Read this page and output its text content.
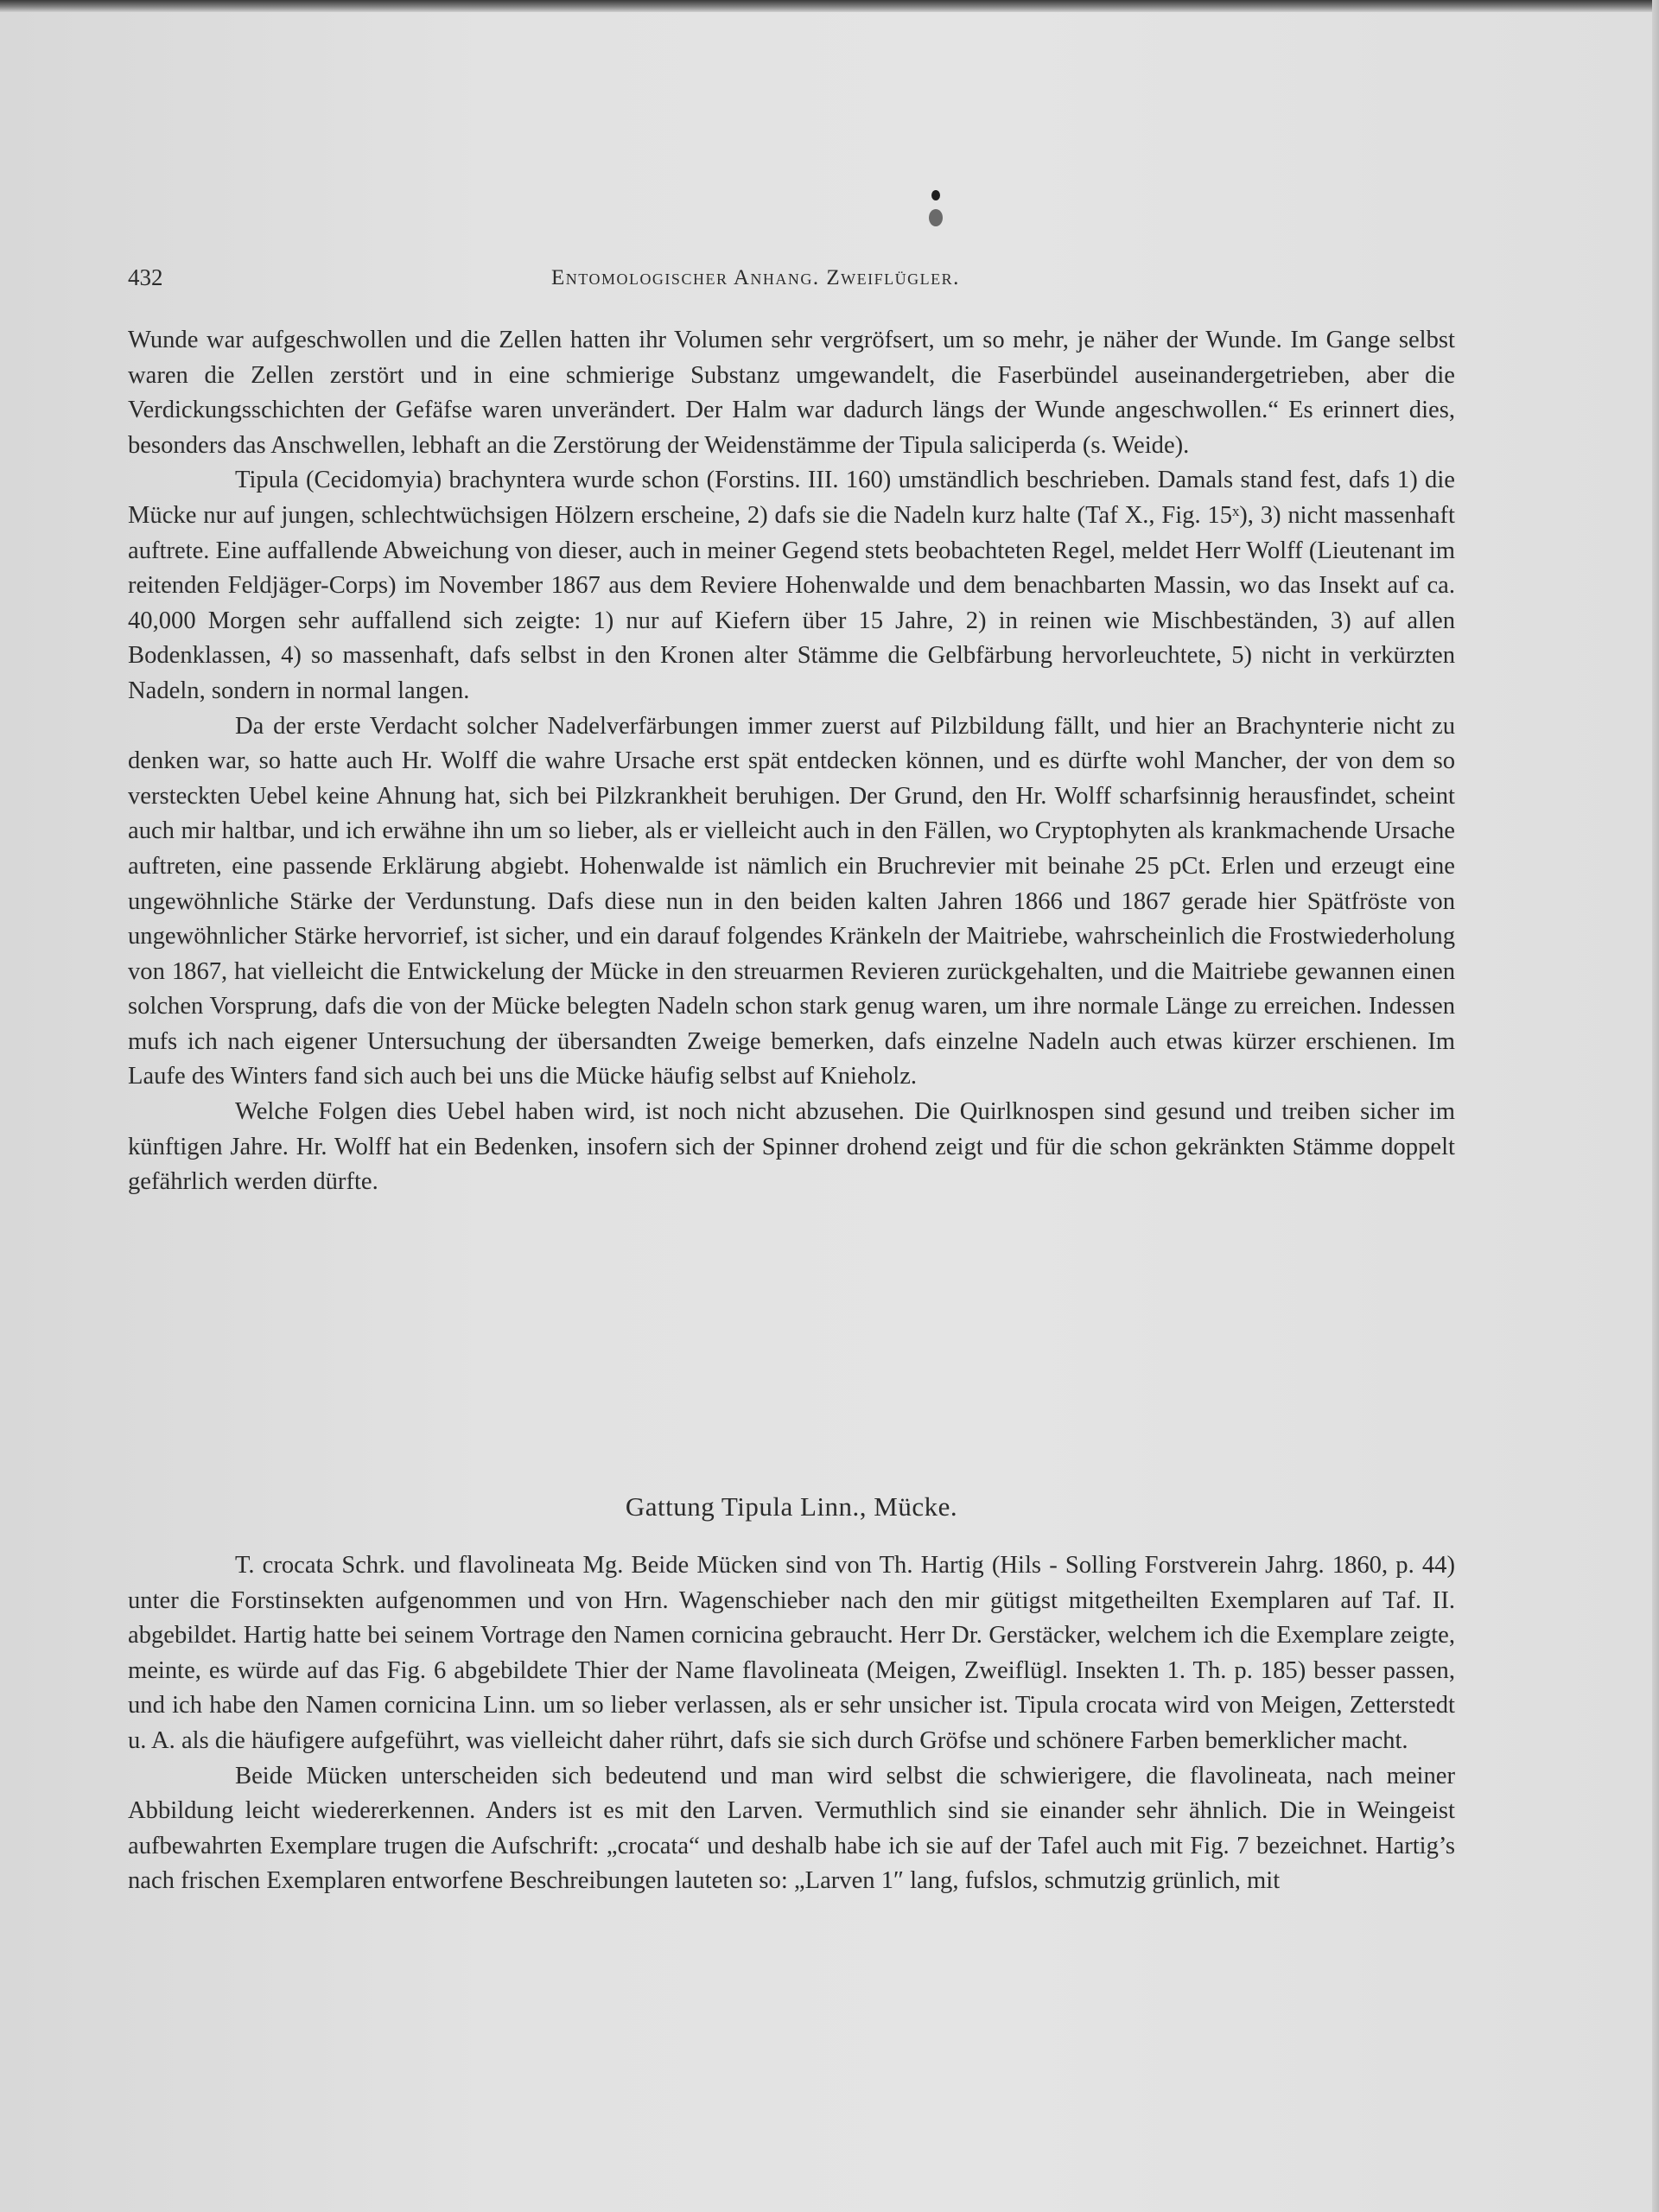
432	Entomologischer Anhang. Zweiflügler.

Wunde war aufgeschwollen und die Zellen hatten ihr Volumen sehr vergröfsert, um so mehr, je näher der Wunde. Im Gange selbst waren die Zellen zerstört und in eine schmierige Substanz umgewandelt, die Faserbündel auseinandergetrieben, aber die Verdickungsschichten der Gefäfse waren unverändert. Der Halm war dadurch längs der Wunde angeschwollen.“ Es erinnert dies, besonders das Anschwellen, lebhaft an die Zerstörung der Weidenstämme der Tipula saliciperda (s. Weide).

Tipula (Cecidomyia) brachyntera wurde schon (Forstins. III. 160) umständlich beschrieben. Damals stand fest, dafs 1) die Mücke nur auf jungen, schlechtwüchsigen Hölzern erscheine, 2) dafs sie die Nadeln kurz halte (Taf X., Fig. 15ˣ), 3) nicht massenhaft auftrete. Eine auffallende Abweichung von dieser, auch in meiner Gegend stets beobachteten Regel, meldet Herr Wolff (Lieutenant im reitenden Feldjäger-Corps) im November 1867 aus dem Reviere Hohenwalde und dem benachbarten Massin, wo das Insekt auf ca. 40,000 Morgen sehr auffallend sich zeigte: 1) nur auf Kiefern über 15 Jahre, 2) in reinen wie Mischbeständen, 3) auf allen Bodenklassen, 4) so massenhaft, dafs selbst in den Kronen alter Stämme die Gelbfärbung hervorleuchtete, 5) nicht in verkürzten Nadeln, sondern in normal langen.

Da der erste Verdacht solcher Nadelverfärbungen immer zuerst auf Pilzbildung fällt, und hier an Brachynterie nicht zu denken war, so hatte auch Hr. Wolff die wahre Ursache erst spät entdecken können, und es dürfte wohl Mancher, der von dem so versteckten Uebel keine Ahnung hat, sich bei Pilzkrankheit beruhigen. Der Grund, den Hr. Wolff scharfsinnig herausfindet, scheint auch mir haltbar, und ich erwähne ihn um so lieber, als er vielleicht auch in den Fällen, wo Cryptophyten als krankmachende Ursache auftreten, eine passende Erklärung abgiebt. Hohenwalde ist nämlich ein Bruchrevier mit beinahe 25 pCt. Erlen und erzeugt eine ungewöhnliche Stärke der Verdunstung. Dafs diese nun in den beiden kalten Jahren 1866 und 1867 gerade hier Spätfröste von ungewöhnlicher Stärke hervorrief, ist sicher, und ein darauf folgendes Kränkeln der Maitriebe, wahrscheinlich die Frostwiederholung von 1867, hat vielleicht die Entwickelung der Mücke in den streuarmen Revieren zurückgehalten, und die Maitriebe gewannen einen solchen Vorsprung, dafs die von der Mücke belegten Nadeln schon stark genug waren, um ihre normale Länge zu erreichen. Indessen mufs ich nach eigener Untersuchung der übersandten Zweige bemerken, dafs einzelne Nadeln auch etwas kürzer erschienen. Im Laufe des Winters fand sich auch bei uns die Mücke häufig selbst auf Knieholz.

Welche Folgen dies Uebel haben wird, ist noch nicht abzusehen. Die Quirlknospen sind gesund und treiben sicher im künftigen Jahre. Hr. Wolff hat ein Bedenken, insofern sich der Spinner drohend zeigt und für die schon gekränkten Stämme doppelt gefährlich werden dürfte.

Gattung Tipula Linn., Mücke.

T. crocata Schrk. und flavolineata Mg. Beide Mücken sind von Th. Hartig (Hils - Solling Forstverein Jahrg. 1860, p. 44) unter die Forstinsekten aufgenommen und von Hrn. Wagenschieber nach den mir gütigst mitgetheilten Exemplaren auf Taf. II. abgebildet. Hartig hatte bei seinem Vortrage den Namen cornicina gebraucht. Herr Dr. Gerstäcker, welchem ich die Exemplare zeigte, meinte, es würde auf das Fig. 6 abgebildete Thier der Name flavolineata (Meigen, Zweiflügl. Insekten 1. Th. p. 185) besser passen, und ich habe den Namen cornicina Linn. um so lieber verlassen, als er sehr unsicher ist. Tipula crocata wird von Meigen, Zetterstedt u. A. als die häufigere aufgeführt, was vielleicht daher rührt, dafs sie sich durch Gröfse und schönere Farben bemerklicher macht.

Beide Mücken unterscheiden sich bedeutend und man wird selbst die schwierigere, die flavolineata, nach meiner Abbildung leicht wiedererkennen. Anders ist es mit den Larven. Vermuthlich sind sie einander sehr ähnlich. Die in Weingeist aufbewahrten Exemplare trugen die Aufschrift: „crocata“ und deshalb habe ich sie auf der Tafel auch mit Fig. 7 bezeichnet. Hartig’s nach frischen Exemplaren entworfene Beschreibungen lauteten so: „Larven 1″ lang, fufslos, schmutzig grünlich, mit
